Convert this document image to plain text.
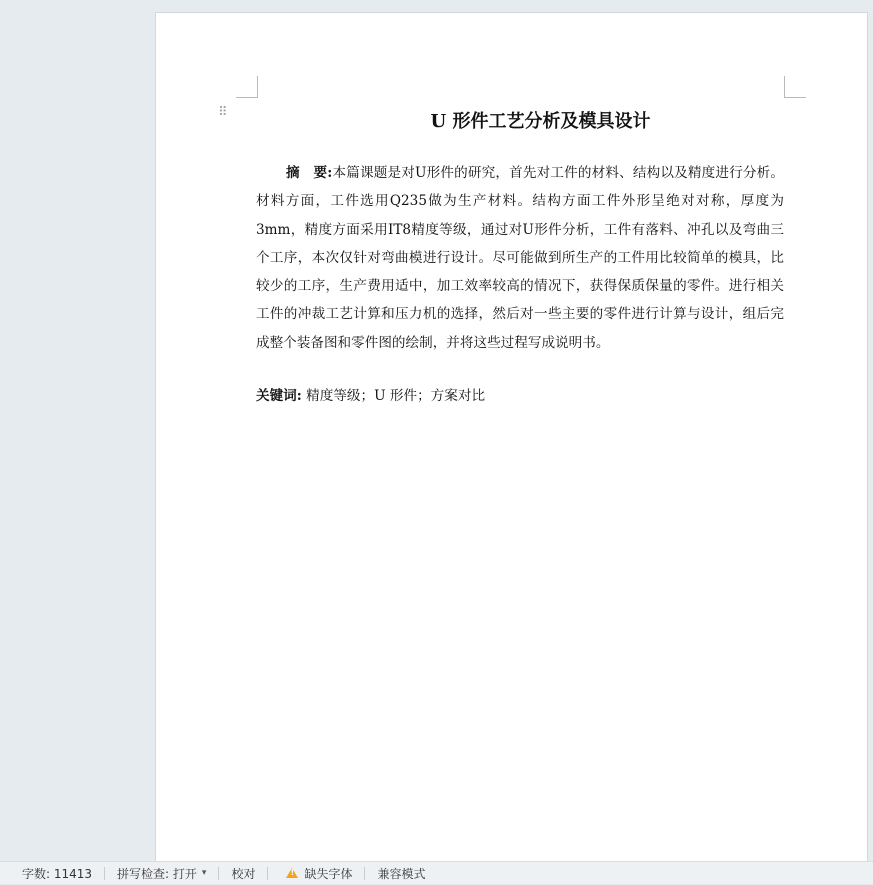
⠿	U 形件工艺分析及模具设计
摘　要:本篇课题是对U形件的研究，首先对工件的材料、结构以及精度进行分析。材料方面，工件选用Q235做为生产材料。结构方面工件外形呈绝对对称，厚度为3mm，精度方面采用IT8精度等级，通过对U形件分析，工件有落料、冲孔以及弯曲三个工序，本次仅针对弯曲模进行设计。尽可能做到所生产的工件用比较简单的模具，比较少的工序，生产费用适中，加工效率较高的情况下，获得保质保量的零件。进行相关工件的冲裁工艺计算和压力机的选择，然后对一些主要的零件进行计算与设计，组后完成整个装备图和零件图的绘制，并将这些过程写成说明书。
关键词: 精度等级；U 形件；方案对比
字数: 11413 拼写检查: 打开 ▾ 校对
!	缺失字体 兼容模式
